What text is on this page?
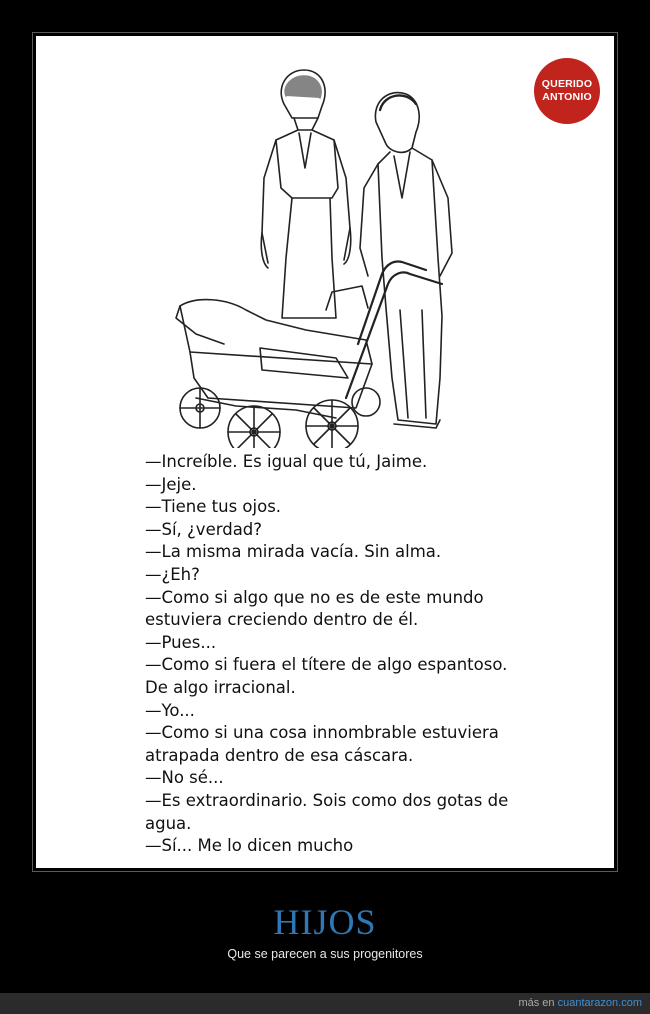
QUERIDO
ANTONIO
—Increíble. Es igual que tú, Jaime.
—Jeje.
—Tiene tus ojos.
—Sí, ¿verdad?
—La misma mirada vacía. Sin alma.
—¿Eh?
—Como si algo que no es de este mundo
estuviera creciendo dentro de él.
—Pues...
—Como si fuera el títere de algo espantoso.
De algo irracional.
—Yo...
—Como si una cosa innombrable estuviera
atrapada dentro de esa cáscara.
—No sé...
—Es extraordinario. Sois como dos gotas de
agua.
—Sí... Me lo dicen mucho
HIJOS
Que se parecen a sus progenitores
más en cuantarazon.com
